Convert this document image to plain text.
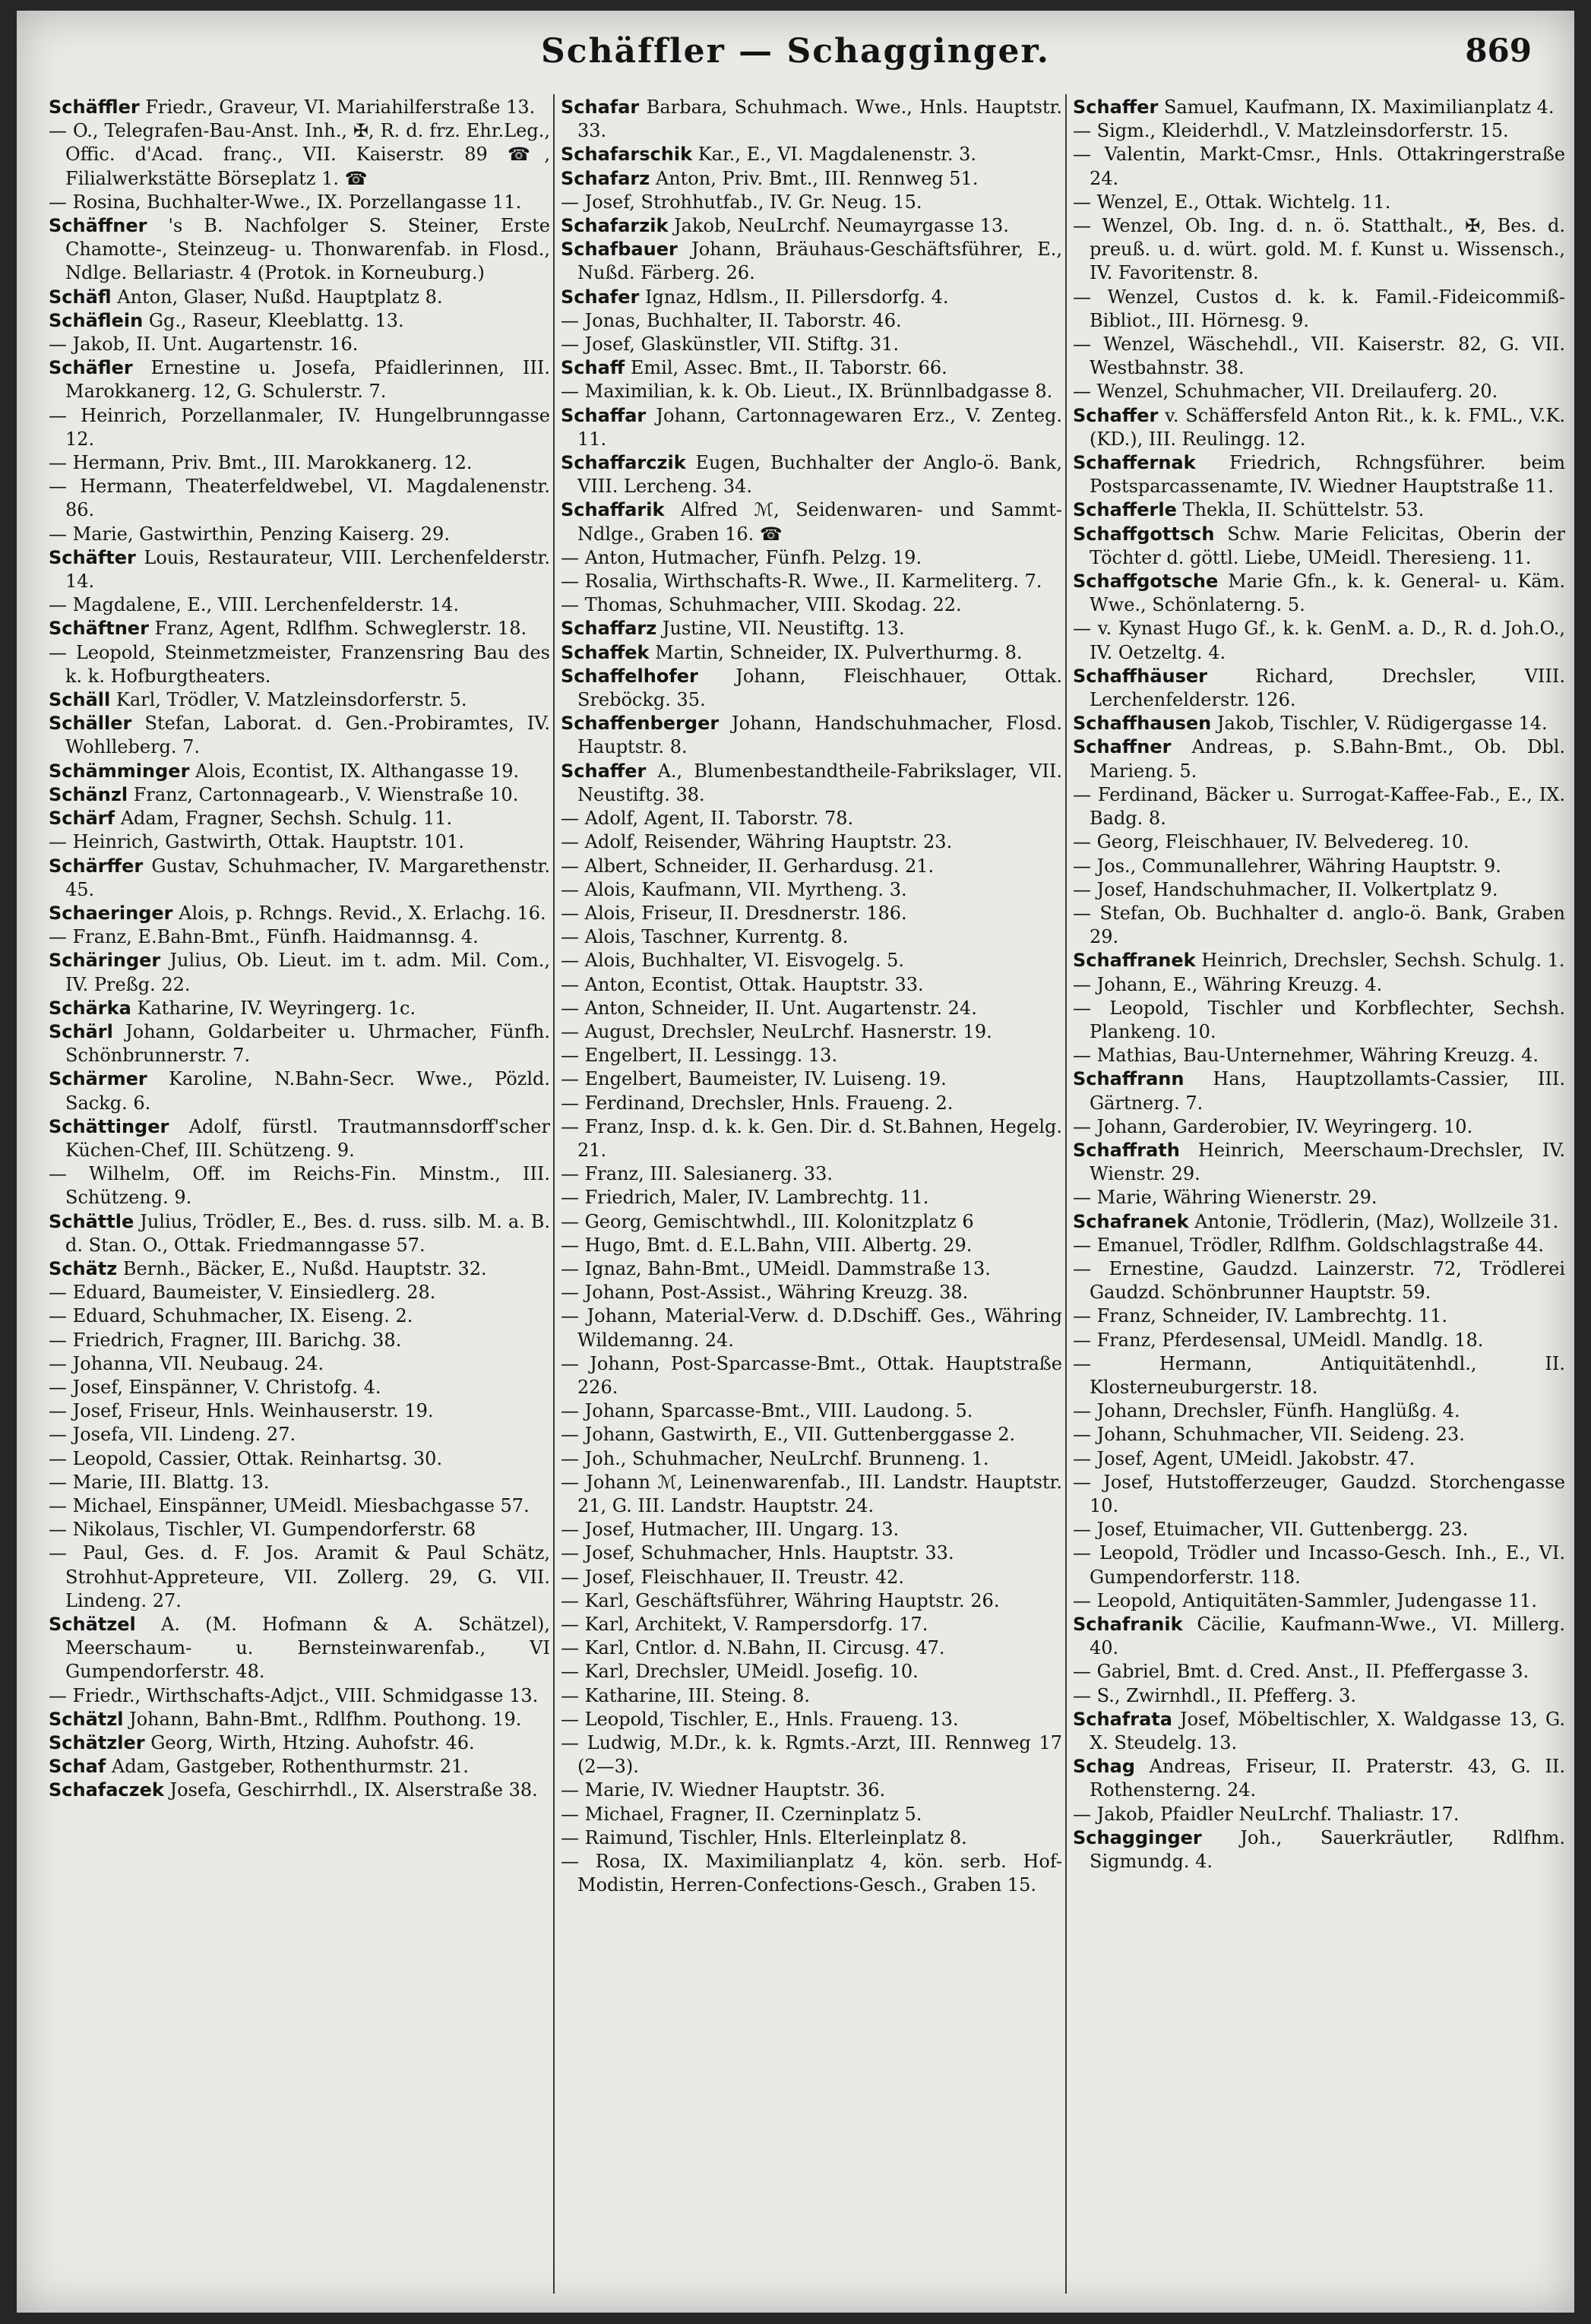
Schäffler — Schagginger.	869
Schäffler Friedr., Graveur, VI. Mariahilferstraße 13.
— O., Telegrafen-Bau-Anst. Inh., ✠, R. d. frz. Ehr.Leg., Offic. d'Acad. franç., VII. Kaiserstr. 89 ☎, Filialwerkstätte Börseplatz 1. ☎
— Rosina, Buchhalter-Wwe., IX. Porzellangasse 11.
Schäffner 's B. Nachfolger S. Steiner, Erste Chamotte-, Steinzeug- u. Thonwarenfab. in Flosd., Ndlge. Bellariastr. 4 (Protok. in Korneuburg.)
Schäfl Anton, Glaser, Nußd. Hauptplatz 8.
Schäflein Gg., Raseur, Kleeblattg. 13.
— Jakob, II. Unt. Augartenstr. 16.
Schäfler Ernestine u. Josefa, Pfaidlerinnen, III. Marokkanerg. 12, G. Schulerstr. 7.
— Heinrich, Porzellanmaler, IV. Hungelbrunngasse 12.
— Hermann, Priv. Bmt., III. Marokkanerg. 12.
— Hermann, Theaterfeldwebel, VI. Magdalenenstr. 86.
— Marie, Gastwirthin, Penzing Kaiserg. 29.
Schäfter Louis, Restaurateur, VIII. Lerchenfelderstr. 14.
— Magdalene, E., VIII. Lerchenfelderstr. 14.
Schäftner Franz, Agent, Rdlfhm. Schweglerstr. 18.
— Leopold, Steinmetzmeister, Franzensring Bau des k. k. Hofburgtheaters.
Schäll Karl, Trödler, V. Matzleinsdorferstr. 5.
Schäller Stefan, Laborat. d. Gen.-Probiramtes, IV. Wohlleberg. 7.
Schämminger Alois, Econtist, IX. Althangasse 19.
Schänzl Franz, Cartonnagearb., V. Wienstraße 10.
Schärf Adam, Fragner, Sechsh. Schulg. 11.
— Heinrich, Gastwirth, Ottak. Hauptstr. 101.
Schärffer Gustav, Schuhmacher, IV. Margarethenstr. 45.
Schaeringer Alois, p. Rchngs. Revid., X. Erlachg. 16.
— Franz, E.Bahn-Bmt., Fünfh. Haidmannsg. 4.
Schäringer Julius, Ob. Lieut. im t. adm. Mil. Com., IV. Preßg. 22.
Schärka Katharine, IV. Weyringerg. 1c.
Schärl Johann, Goldarbeiter u. Uhrmacher, Fünfh. Schönbrunnerstr. 7.
Schärmer Karoline, N.Bahn-Secr. Wwe., Pözld. Sackg. 6.
Schättinger Adolf, fürstl. Trautmannsdorff'scher Küchen-Chef, III. Schützeng. 9.
— Wilhelm, Off. im Reichs-Fin. Minstm., III. Schützeng. 9.
Schättle Julius, Trödler, E., Bes. d. russ. silb. M. a. B. d. Stan. O., Ottak. Friedmanngasse 57.
Schätz Bernh., Bäcker, E., Nußd. Hauptstr. 32.
— Eduard, Baumeister, V. Einsiedlerg. 28.
— Eduard, Schuhmacher, IX. Eiseng. 2.
— Friedrich, Fragner, III. Barichg. 38.
— Johanna, VII. Neubaug. 24.
— Josef, Einspänner, V. Christofg. 4.
— Josef, Friseur, Hnls. Weinhauserstr. 19.
— Josefa, VII. Lindeng. 27.
— Leopold, Cassier, Ottak. Reinhartsg. 30.
— Marie, III. Blattg. 13.
— Michael, Einspänner, UMeidl. Miesbachgasse 57.
— Nikolaus, Tischler, VI. Gumpendorferstr. 68
— Paul, Ges. d. F. Jos. Aramit & Paul Schätz, Strohhut-Appreteure, VII. Zollerg. 29, G. VII. Lindeng. 27.
Schätzel A. (M. Hofmann & A. Schätzel), Meerschaum- u. Bernsteinwarenfab., VI Gumpendorferstr. 48.
— Friedr., Wirthschafts-Adjct., VIII. Schmidgasse 13.
Schätzl Johann, Bahn-Bmt., Rdlfhm. Pouthong. 19.
Schätzler Georg, Wirth, Htzing. Auhofstr. 46.
Schaf Adam, Gastgeber, Rothenthurmstr. 21.
Schafaczek Josefa, Geschirrhdl., IX. Alserstraße 38.
Schafar Barbara, Schuhmach. Wwe., Hnls. Hauptstr. 33.
Schafarschik Kar., E., VI. Magdalenenstr. 3.
Schafarz Anton, Priv. Bmt., III. Rennweg 51.
— Josef, Strohhutfab., IV. Gr. Neug. 15.
Schafarzik Jakob, NeuLrchf. Neumayrgasse 13.
Schafbauer Johann, Bräuhaus-Geschäftsführer, E., Nußd. Färberg. 26.
Schafer Ignaz, Hdlsm., II. Pillersdorfg. 4.
— Jonas, Buchhalter, II. Taborstr. 46.
— Josef, Glaskünstler, VII. Stiftg. 31.
Schaff Emil, Assec. Bmt., II. Taborstr. 66.
— Maximilian, k. k. Ob. Lieut., IX. Brünnlbadgasse 8.
Schaffar Johann, Cartonnagewaren Erz., V. Zenteg. 11.
Schaffarczik Eugen, Buchhalter der Anglo-ö. Bank, VIII. Lercheng. 34.
Schaffarik Alfred ℳ, Seidenwaren- und Sammt-Ndlge., Graben 16. ☎
— Anton, Hutmacher, Fünfh. Pelzg. 19.
— Rosalia, Wirthschafts-R. Wwe., II. Karmeliterg. 7.
— Thomas, Schuhmacher, VIII. Skodag. 22.
Schaffarz Justine, VII. Neustiftg. 13.
Schaffek Martin, Schneider, IX. Pulverthurmg. 8.
Schaffelhofer Johann, Fleischhauer, Ottak. Sreböckg. 35.
Schaffenberger Johann, Handschuhmacher, Flosd. Hauptstr. 8.
Schaffer A., Blumenbestandtheile-Fabrikslager, VII. Neustiftg. 38.
— Adolf, Agent, II. Taborstr. 78.
— Adolf, Reisender, Währing Hauptstr. 23.
— Albert, Schneider, II. Gerhardusg. 21.
— Alois, Kaufmann, VII. Myrtheng. 3.
— Alois, Friseur, II. Dresdnerstr. 186.
— Alois, Taschner, Kurrentg. 8.
— Alois, Buchhalter, VI. Eisvogelg. 5.
— Anton, Econtist, Ottak. Hauptstr. 33.
— Anton, Schneider, II. Unt. Augartenstr. 24.
— August, Drechsler, NeuLrchf. Hasnerstr. 19.
— Engelbert, II. Lessingg. 13.
— Engelbert, Baumeister, IV. Luiseng. 19.
— Ferdinand, Drechsler, Hnls. Fraueng. 2.
— Franz, Insp. d. k. k. Gen. Dir. d. St.Bahnen, Hegelg. 21.
— Franz, III. Salesianerg. 33.
— Friedrich, Maler, IV. Lambrechtg. 11.
— Georg, Gemischtwhdl., III. Kolonitzplatz 6
— Hugo, Bmt. d. E.L.Bahn, VIII. Albertg. 29.
— Ignaz, Bahn-Bmt., UMeidl. Dammstraße 13.
— Johann, Post-Assist., Währing Kreuzg. 38.
— Johann, Material-Verw. d. D.Dschiff. Ges., Währing Wildemanng. 24.
— Johann, Post-Sparcasse-Bmt., Ottak. Hauptstraße 226.
— Johann, Sparcasse-Bmt., VIII. Laudong. 5.
— Johann, Gastwirth, E., VII. Guttenberggasse 2.
— Joh., Schuhmacher, NeuLrchf. Brunneng. 1.
— Johann ℳ, Leinenwarenfab., III. Landstr. Hauptstr. 21, G. III. Landstr. Hauptstr. 24.
— Josef, Hutmacher, III. Ungarg. 13.
— Josef, Schuhmacher, Hnls. Hauptstr. 33.
— Josef, Fleischhauer, II. Treustr. 42.
— Karl, Geschäftsführer, Währing Hauptstr. 26.
— Karl, Architekt, V. Rampersdorfg. 17.
— Karl, Cntlor. d. N.Bahn, II. Circusg. 47.
— Karl, Drechsler, UMeidl. Josefig. 10.
— Katharine, III. Steing. 8.
— Leopold, Tischler, E., Hnls. Fraueng. 13.
— Ludwig, M.Dr., k. k. Rgmts.-Arzt, III. Rennweg 17 (2—3).
— Marie, IV. Wiedner Hauptstr. 36.
— Michael, Fragner, II. Czerninplatz 5.
— Raimund, Tischler, Hnls. Elterleinplatz 8.
— Rosa, IX. Maximilianplatz 4, kön. serb. Hof-Modistin, Herren-Confections-Gesch., Graben 15.
Schaffer Samuel, Kaufmann, IX. Maximilianplatz 4.
— Sigm., Kleiderhdl., V. Matzleinsdorferstr. 15.
— Valentin, Markt-Cmsr., Hnls. Ottakringerstraße 24.
— Wenzel, E., Ottak. Wichtelg. 11.
— Wenzel, Ob. Ing. d. n. ö. Statthalt., ✠, Bes. d. preuß. u. d. würt. gold. M. f. Kunst u. Wissensch., IV. Favoritenstr. 8.
— Wenzel, Custos d. k. k. Famil.-Fideicommiß-Bibliot., III. Hörnesg. 9.
— Wenzel, Wäschehdl., VII. Kaiserstr. 82, G. VII. Westbahnstr. 38.
— Wenzel, Schuhmacher, VII. Dreilauferg. 20.
Schaffer v. Schäffersfeld Anton Rit., k. k. FML., V.K. (KD.), III. Reulingg. 12.
Schaffernak Friedrich, Rchngsführer. beim Postsparcassenamte, IV. Wiedner Hauptstraße 11.
Schafferle Thekla, II. Schüttelstr. 53.
Schaffgottsch Schw. Marie Felicitas, Oberin der Töchter d. göttl. Liebe, UMeidl. Theresieng. 11.
Schaffgotsche Marie Gfn., k. k. General- u. Käm. Wwe., Schönlaterng. 5.
— v. Kynast Hugo Gf., k. k. GenM. a. D., R. d. Joh.O., IV. Oetzeltg. 4.
Schaffhäuser	Richard, Drechsler, VIII. Lerchenfelderstr. 126.
Schaffhausen Jakob, Tischler, V. Rüdigergasse 14.
Schaffner Andreas, p. S.Bahn-Bmt., Ob. Dbl. Marieng. 5.
— Ferdinand, Bäcker u. Surrogat-Kaffee-Fab., E., IX. Badg. 8.
— Georg, Fleischhauer, IV. Belvedereg. 10.
— Jos., Communallehrer, Währing Hauptstr. 9.
— Josef, Handschuhmacher, II. Volkertplatz 9.
— Stefan, Ob. Buchhalter d. anglo-ö. Bank, Graben 29.
Schaffranek Heinrich, Drechsler, Sechsh. Schulg. 1.
— Johann, E., Währing Kreuzg. 4.
— Leopold, Tischler und Korbflechter, Sechsh. Plankeng. 10.
— Mathias, Bau-Unternehmer, Währing Kreuzg. 4.
Schaffrann Hans, Hauptzollamts-Cassier, III. Gärtnerg. 7.
— Johann, Garderobier, IV. Weyringerg. 10.
Schaffrath Heinrich, Meerschaum-Drechsler, IV. Wienstr. 29.
— Marie, Währing Wienerstr. 29.
Schafranek Antonie, Trödlerin, (Maz), Wollzeile 31.
— Emanuel, Trödler, Rdlfhm. Goldschlagstraße 44.
— Ernestine, Gaudzd. Lainzerstr. 72, Trödlerei Gaudzd. Schönbrunner Hauptstr. 59.
— Franz, Schneider, IV. Lambrechtg. 11.
— Franz, Pferdesensal, UMeidl. Mandlg. 18.
— Hermann, Antiquitätenhdl., II. Klosterneuburgerstr. 18.
— Johann, Drechsler, Fünfh. Hanglüßg. 4.
— Johann, Schuhmacher, VII. Seideng. 23.
— Josef, Agent, UMeidl. Jakobstr. 47.
— Josef, Hutstofferzeuger, Gaudzd. Storchengasse 10.
— Josef, Etuimacher, VII. Guttenbergg. 23.
— Leopold, Trödler und Incasso-Gesch. Inh., E., VI. Gumpendorferstr. 118.
— Leopold, Antiquitäten-Sammler, Judengasse 11.
Schafranik Cäcilie, Kaufmann-Wwe., VI. Millerg. 40.
— Gabriel, Bmt. d. Cred. Anst., II. Pfeffergasse 3.
— S., Zwirnhdl., II. Pfefferg. 3.
Schafrata Josef, Möbeltischler, X. Waldgasse 13, G. X. Steudelg. 13.
Schag Andreas, Friseur, II. Praterstr. 43, G. II. Rothensterng. 24.
— Jakob, Pfaidler NeuLrchf. Thaliastr. 17.
Schagginger Joh., Sauerkräutler, Rdlfhm. Sigmundg. 4.
